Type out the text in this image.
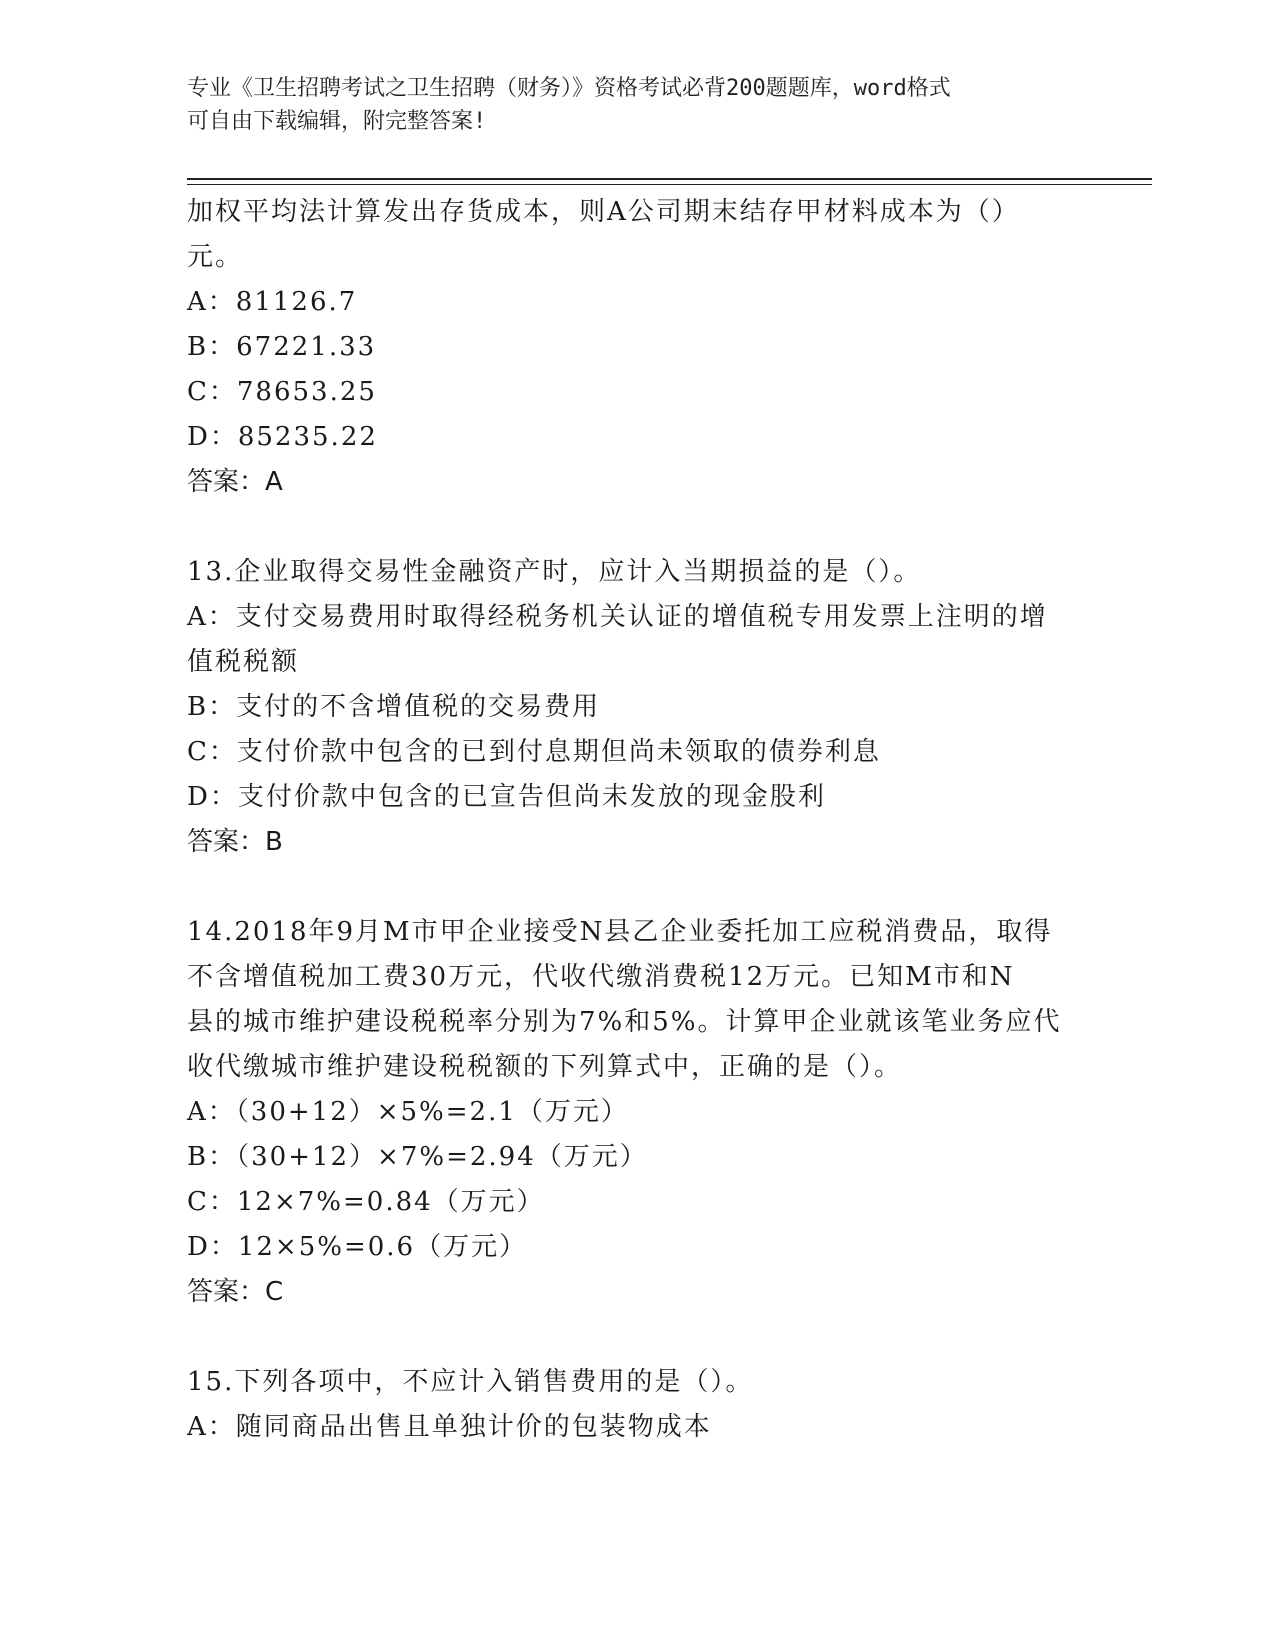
专业《卫生招聘考试之卫生招聘（财务）》资格考试必背200题题库，word格式
可自由下载编辑，附完整答案!
加权平均法计算发出存货成本，则A公司期末结存甲材料成本为（）
元。
A：81126.7
B：67221.33
C：78653.25
D：85235.22
答案：A
13.企业取得交易性金融资产时，应计入当期损益的是（）。
A：支付交易费用时取得经税务机关认证的增值税专用发票上注明的增
值税税额
B：支付的不含增值税的交易费用
C：支付价款中包含的已到付息期但尚未领取的债券利息
D：支付价款中包含的已宣告但尚未发放的现金股利
答案：B
14.2018年9月M市甲企业接受N县乙企业委托加工应税消费品，取得
不含增值税加工费30万元，代收代缴消费税12万元。已知M市和N
县的城市维护建设税税率分别为7%和5%。计算甲企业就该笔业务应代
收代缴城市维护建设税税额的下列算式中，正确的是（）。
A：（30+12）×5%=2.1（万元）
B：（30+12）×7%=2.94（万元）
C：12×7%=0.84（万元）
D：12×5%=0.6（万元）
答案：C
15.下列各项中，不应计入销售费用的是（）。
A：随同商品出售且单独计价的包装物成本
